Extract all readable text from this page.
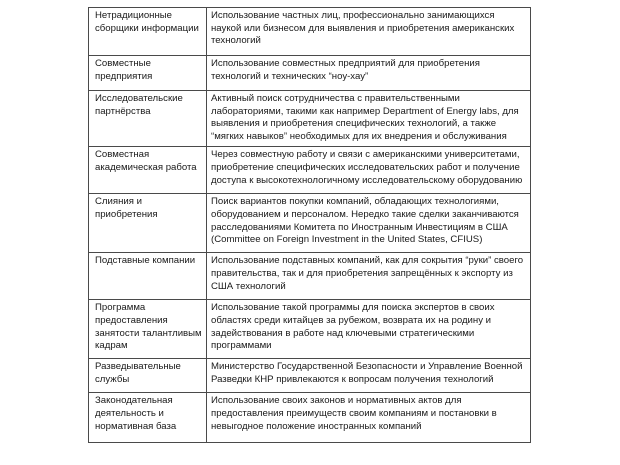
Нетрадиционные сборщики информации	Использование частных лиц, профессионально занимающихся наукой или бизнесом для выявления и приобретения американских технологий
Совместные предприятия	Использование совместных предприятий для приобретения технологий и технических “ноу-хау”
Исследовательские партнёрства	Активный поиск сотрудничества с правительственными лабораториями, такими как например Department of Energy labs, для выявления и приобретения специфических технологий, а также “мягких навыков” необходимых для их внедрения и обслуживания
Совместная академическая работа	Через совместную работу и связи с американскими университетами, приобретение специфических исследовательских работ и получение доступа к высокотехнологичному исследовательскому оборудованию
Слияния и приобретения	Поиск вариантов покупки компаний, обладающих технологиями, оборудованием и персоналом. Нередко такие сделки заканчиваются расследованиями Комитета по Иностранным Инвестициям в США (Committee on Foreign Investment in the United States, CFIUS)
Подставные компании	Использование подставных компаний, как для сокрытия “руки” своего правительства, так и для приобретения запрещённых к экспорту из США технологий
Программа предоставления занятости талантливым кадрам	Использование такой программы для поиска экспертов в своих областях среди китайцев за рубежом, возврата их на родину и задействования в работе над ключевыми стратегическими программами
Разведывательные службы	Министерство Государственной Безопасности и Управление Военной Разведки КНР привлекаются к вопросам получения технологий
Законодательная деятельность и нормативная база	Использование своих законов и нормативных актов для предоставления преимуществ своим компаниям и постановки в невыгодное положение иностранных компаний
